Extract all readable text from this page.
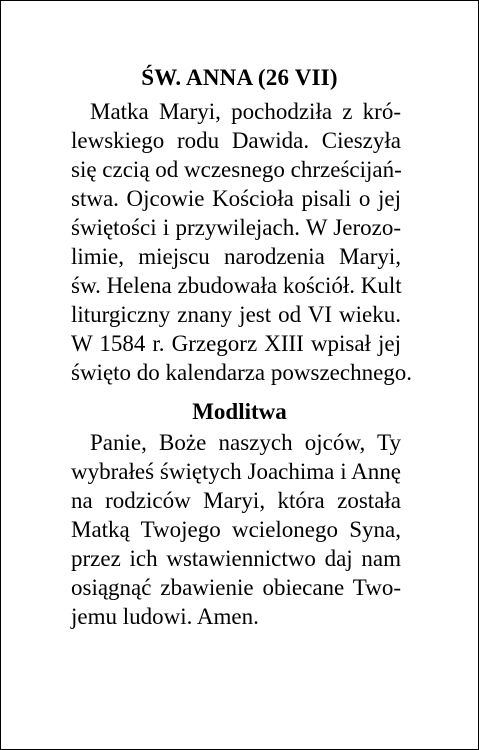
ŚW. ANNA (26 VII)
Matka Maryi, pochodziła z kró-
lewskiego rodu Dawida. Cieszyła
się czcią od wczesnego chrześcijań-
stwa. Ojcowie Kościoła pisali o jej
świętości i przywilejach. W Jerozo-
limie, miejscu narodzenia Maryi,
św. Helena zbudowała kościół. Kult
liturgiczny znany jest od VI wieku.
W 1584 r. Grzegorz XIII wpisał jej
święto do kalendarza powszechnego.
Modlitwa
Panie, Boże naszych ojców, Ty
wybrałeś świętych Joachima i Annę
na rodziców Maryi, która została
Matką Twojego wcielonego Syna,
przez ich wstawiennictwo daj nam
osiągnąć zbawienie obiecane Two-
jemu ludowi. Amen.
